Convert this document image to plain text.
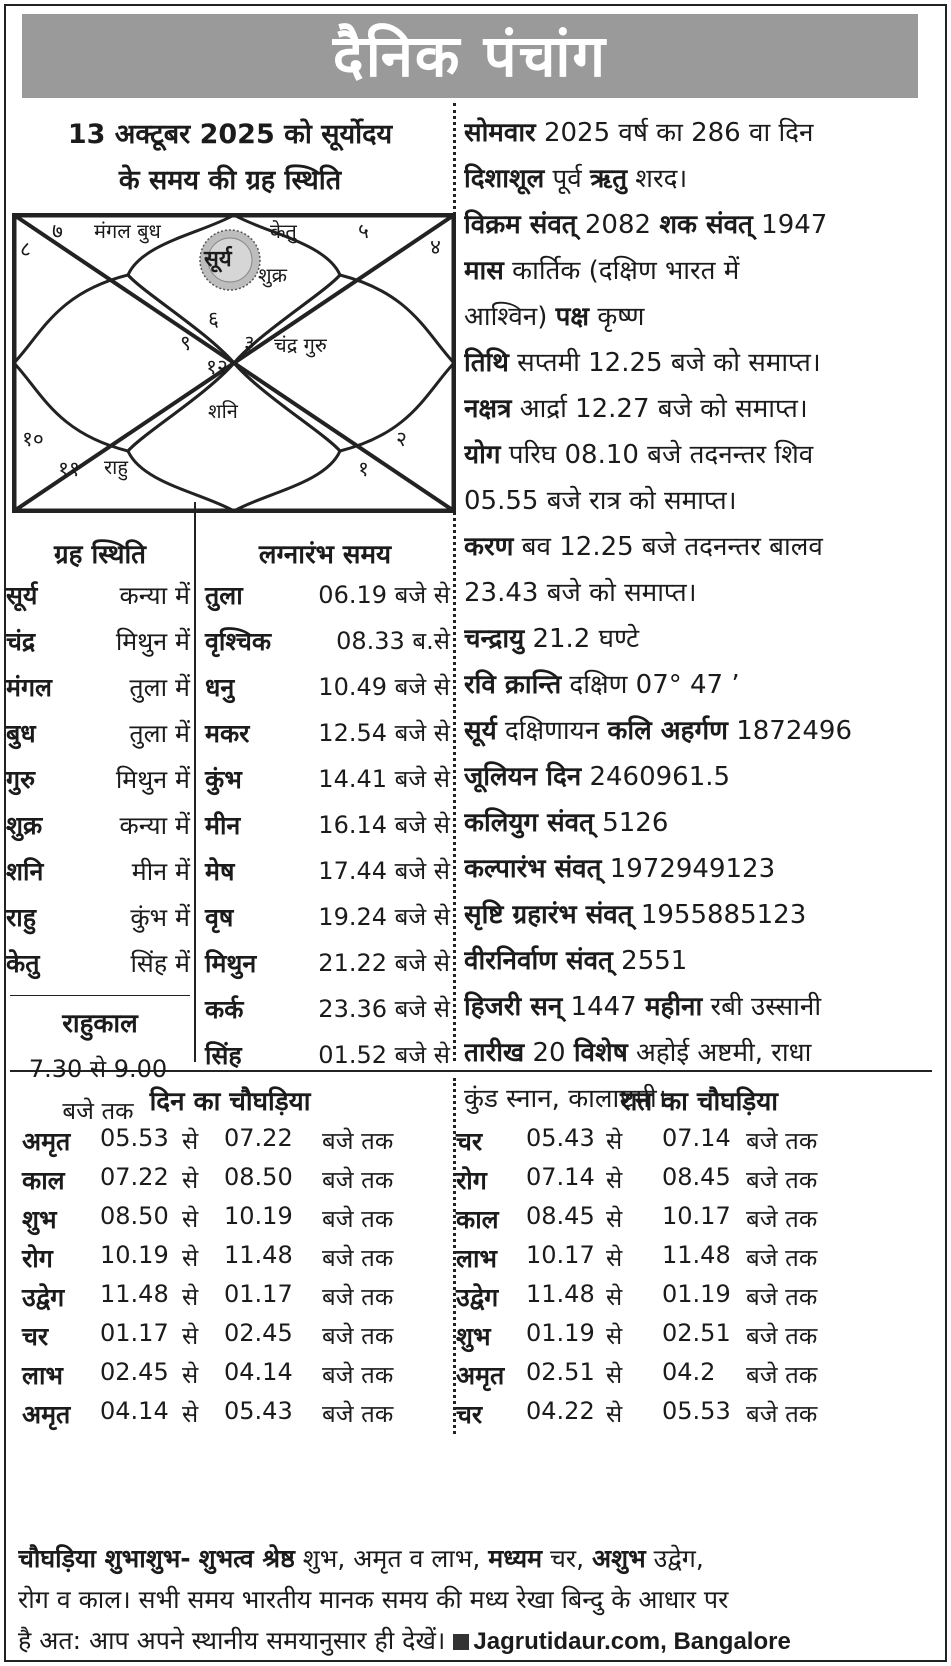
दैनिक पंचांग
13 अक्टूबर 2025 को सूर्योदय
के समय की ग्रह स्थिति
७ मंगल बुध	केतु	५
८	४
सूर्य
शुक्र
६
९	३ चंद्र गुरु
१२
शनि
१०	२
११ राहु	१
ग्रह स्थिति
सूर्य	कन्या में
चंद्र	मिथुन में
मंगल	तुला में
बुध	तुला में
गुरु	मिथुन में
शुक्र	कन्या में
शनि	मीन में
राहु	कुंभ में
केतु	सिंह में
राहुकाल
7.30 से 9.00
बजे तक
लग्नारंभ समय
तुला	06.19 बजे से
वृश्चिक	08.33 ब.से
धनु	10.49 बजे से
मकर	12.54 बजे से
कुंभ	14.41 बजे से
मीन	16.14 बजे से
मेष	17.44 बजे से
वृष	19.24 बजे से
मिथुन	21.22 बजे से
कर्क	23.36 बजे से
सिंह	01.52 बजे से
सोमवार 2025 वर्ष का 286 वा दिन
दिशाशूल पूर्व ऋतु शरद।
विक्रम संवत् 2082 शक संवत् 1947
मास कार्तिक (दक्षिण भारत में
आश्विन) पक्ष कृष्ण
तिथि सप्तमी 12.25 बजे को समाप्त।
नक्षत्र आर्द्रा 12.27 बजे को समाप्त।
योग परिघ 08.10 बजे तदनन्तर शिव
05.55 बजे रात्र को समाप्त।
करण बव 12.25 बजे तदनन्तर बालव
23.43 बजे को समाप्त।
चन्द्रायु 21.2 घण्टे
रवि क्रान्ति दक्षिण 07° 47 ’
सूर्य दक्षिणायन कलि अहर्गण 1872496
जूलियन दिन 2460961.5
कलियुग संवत् 5126
कल्पारंभ संवत् 1972949123
सृष्टि ग्रहारंभ संवत् 1955885123
वीरनिर्वाण संवत् 2551
हिजरी सन् 1447 महीना रबी उस्सानी
तारीख 20 विशेष अहोई अष्टमी, राधा
कुंड स्नान, कालाष्टमी।
दिन का चौघड़िया
अमृत 05.53 से 07.22 बजे तक
काल 07.22 से 08.50 बजे तक
शुभ 08.50 से 10.19 बजे तक
रोग 10.19 से 11.48 बजे तक
उद्वेग 11.48 से 01.17 बजे तक
चर 01.17 से 02.45 बजे तक
लाभ 02.45 से 04.14 बजे तक
अमृत 04.14 से 05.43 बजे तक
रात का चौघड़िया
चर 05.43 से 07.14 बजे तक
रोग 07.14 से 08.45 बजे तक
काल 08.45 से 10.17 बजे तक
लाभ 10.17 से 11.48 बजे तक
उद्वेग 11.48 से 01.19 बजे तक
शुभ 01.19 से 02.51 बजे तक
अमृत 02.51 से 04.2 बजे तक
चर 04.22 से 05.53 बजे तक
चौघड़िया शुभाशुभ- शुभत्व श्रेष्ठ शुभ, अमृत व लाभ, मध्यम चर, अशुभ उद्वेग,
रोग व काल। सभी समय भारतीय मानक समय की मध्य रेखा बिन्दु के आधार पर
है अत: आप अपने स्थानीय समयानुसार ही देखें। Jagrutidaur.com, Bangalore
